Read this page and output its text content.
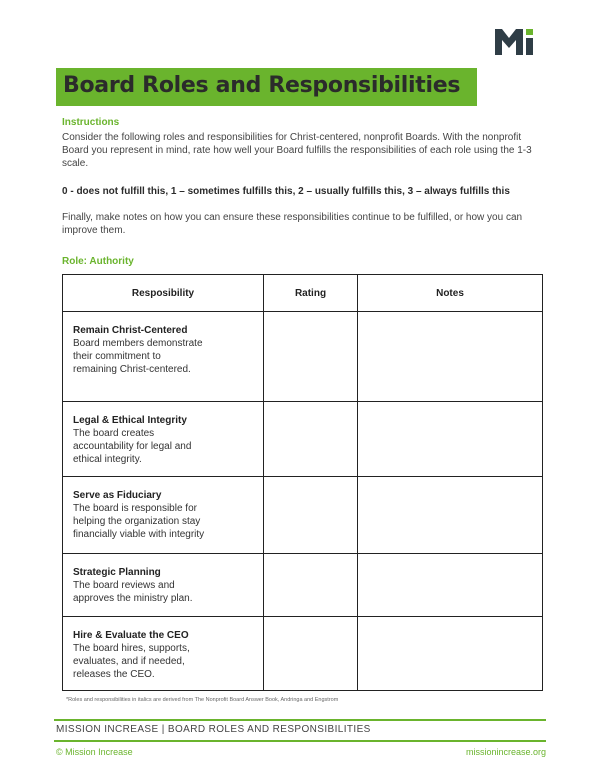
Board Roles and Responsibilities
Instructions
Consider the following roles and responsibilities for Christ-centered, nonprofit Boards. With the nonprofit Board you represent in mind, rate how well your Board fulfills the responsibilities of each role using the 1-3 scale.
0 - does not fulfill this, 1 – sometimes fulfills this, 2 – usually fulfills this, 3 – always fulfills this
Finally, make notes on how you can ensure these responsibilities continue to be fulfilled, or how you can improve them.
Role: Authority
Resposibility	Rating	Notes

Remain Christ-Centered
Board members demonstrate
their commitment to
remaining Christ-centered.		

Legal & Ethical Integrity
The board creates
accountability for legal and
ethical integrity.		

Serve as Fiduciary
The board is responsible for
helping the organization stay
financially viable with integrity		

Strategic Planning
The board reviews and
approves the ministry plan.		

Hire & Evaluate the CEO
The board hires, supports,
evaluates, and if needed,
releases the CEO.		

*Roles and responsibilities in italics are derived from The Nonprofit Board Answer Book, Andringa and Engstrom
MISSION INCREASE | BOARD ROLES AND RESPONSIBILITIES
© Mission Increase	missionincrease.org
